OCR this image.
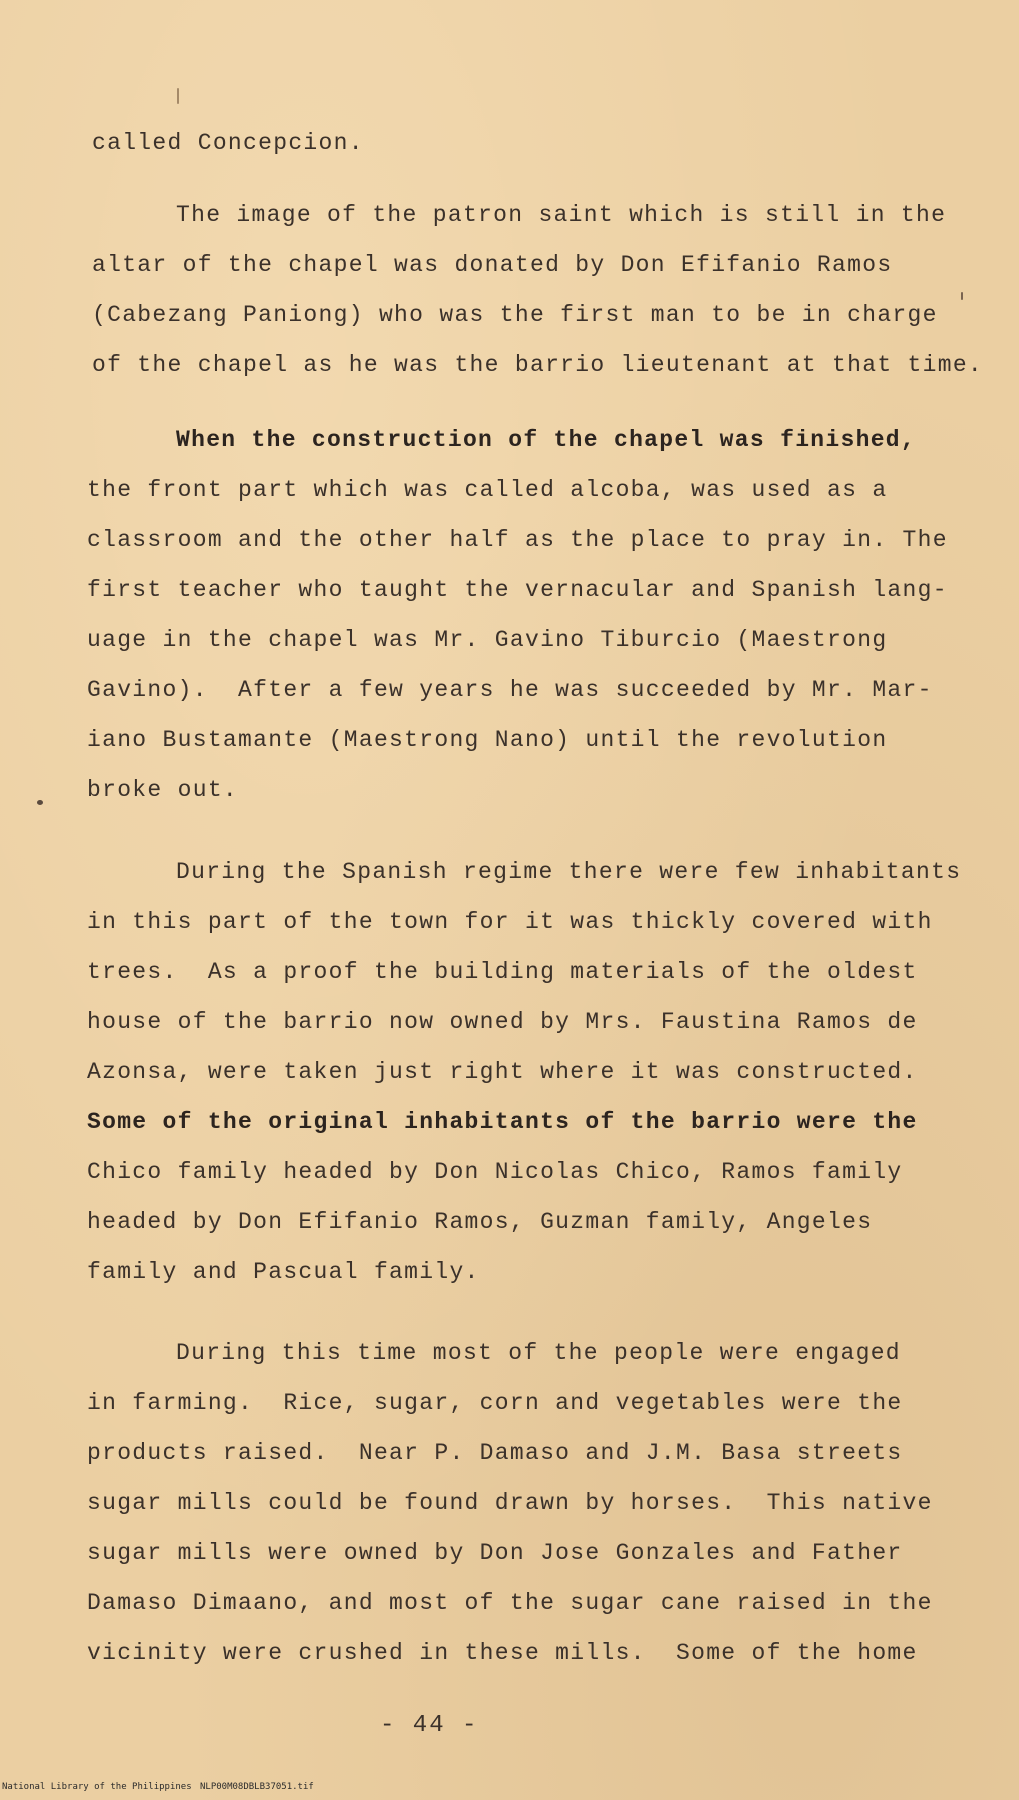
called Concepcion.
The image of the patron saint which is still in the
altar of the chapel was donated by Don Efifanio Ramos
(Cabezang Paniong) who was the first man to be in charge
of the chapel as he was the barrio lieutenant at that time.
When the construction of the chapel was finished,
the front part which was called alcoba, was used as a
classroom and the other half as the place to pray in. The
first teacher who taught the vernacular and Spanish lang-
uage in the chapel was Mr. Gavino Tiburcio (Maestrong
Gavino).  After a few years he was succeeded by Mr. Mar-
iano Bustamante (Maestrong Nano) until the revolution
broke out.
During the Spanish regime there were few inhabitants
in this part of the town for it was thickly covered with
trees.  As a proof the building materials of the oldest
house of the barrio now owned by Mrs. Faustina Ramos de
Azonsa, were taken just right where it was constructed.
Some of the original inhabitants of the barrio were the
Chico family headed by Don Nicolas Chico, Ramos family
headed by Don Efifanio Ramos, Guzman family, Angeles
family and Pascual family.
During this time most of the people were engaged
in farming.  Rice, sugar, corn and vegetables were the
products raised.  Near P. Damaso and J.M. Basa streets
sugar mills could be found drawn by horses.  This native
sugar mills were owned by Don Jose Gonzales and Father
Damaso Dimaano, and most of the sugar cane raised in the
vicinity were crushed in these mills.  Some of the home
- 44 -
National Library of the Philippines NLP00M08DBLB37051.tif
